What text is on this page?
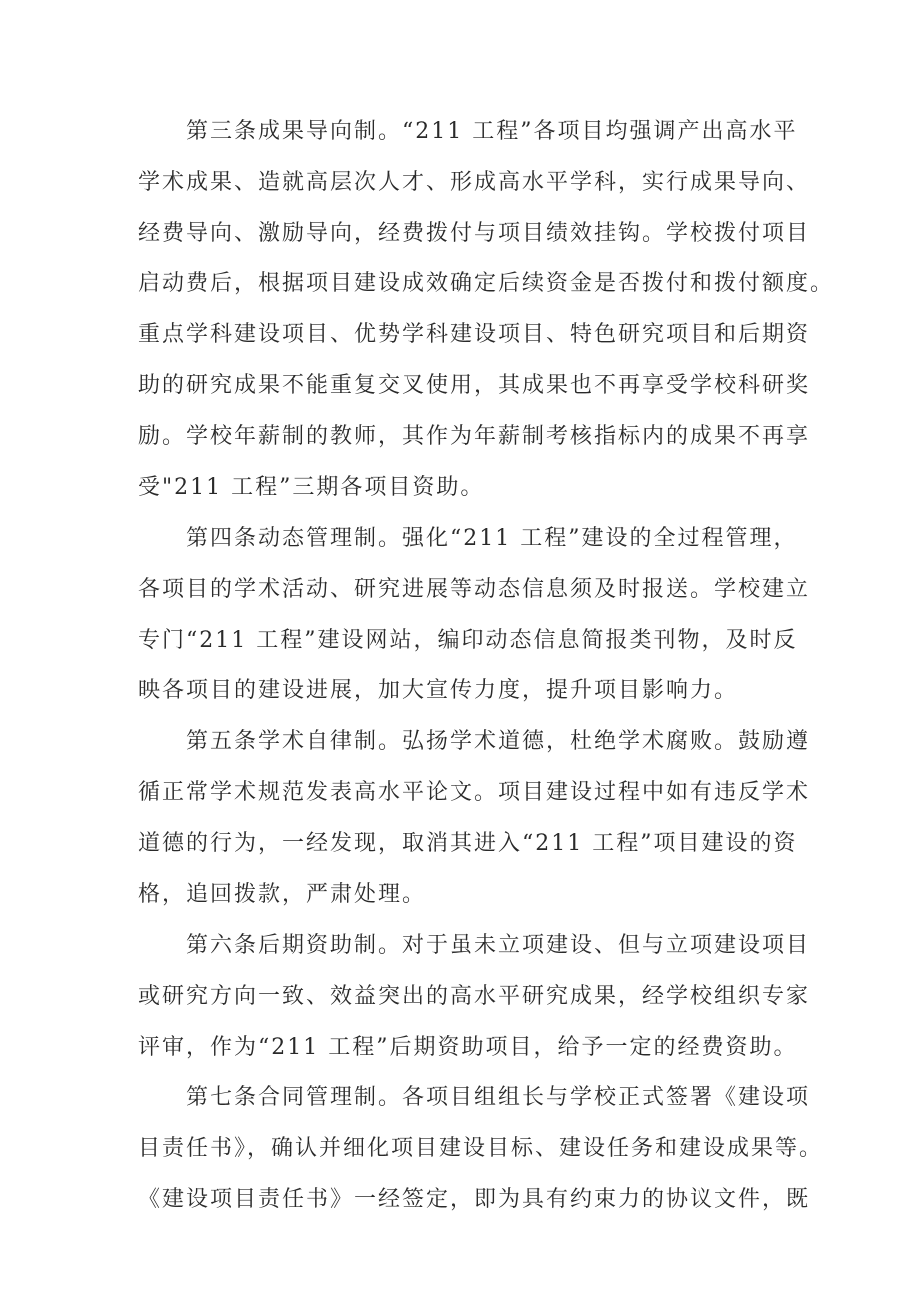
第三条成果导向制。“211 工程”各项目均强调产出高水平

学术成果、造就高层次人才、形成高水平学科，实行成果导向、

经费导向、激励导向，经费拨付与项目绩效挂钩。学校拨付项目

启动费后，根据项目建设成效确定后续资金是否拨付和拨付额度。

重点学科建设项目、优势学科建设项目、特色研究项目和后期资

助的研究成果不能重复交叉使用，其成果也不再享受学校科研奖

励。学校年薪制的教师，其作为年薪制考核指标内的成果不再享

受"211 工程”三期各项目资助。

第四条动态管理制。强化“211 工程”建设的全过程管理，

各项目的学术活动、研究进展等动态信息须及时报送。学校建立

专门“211 工程”建设网站，编印动态信息简报类刊物，及时反

映各项目的建设进展，加大宣传力度，提升项目影响力。

第五条学术自律制。弘扬学术道德，杜绝学术腐败。鼓励遵

循正常学术规范发表高水平论文。项目建设过程中如有违反学术

道德的行为，一经发现，取消其进入“211 工程”项目建设的资

格，追回拨款，严肃处理。

第六条后期资助制。对于虽未立项建设、但与立项建设项目

或研究方向一致、效益突出的高水平研究成果，经学校组织专家

评审，作为“211 工程”后期资助项目，给予一定的经费资助。

第七条合同管理制。各项目组组长与学校正式签署《建设项

目责任书》，确认并细化项目建设目标、建设任务和建设成果等。

《建设项目责任书》一经签定，即为具有约束力的协议文件，既
